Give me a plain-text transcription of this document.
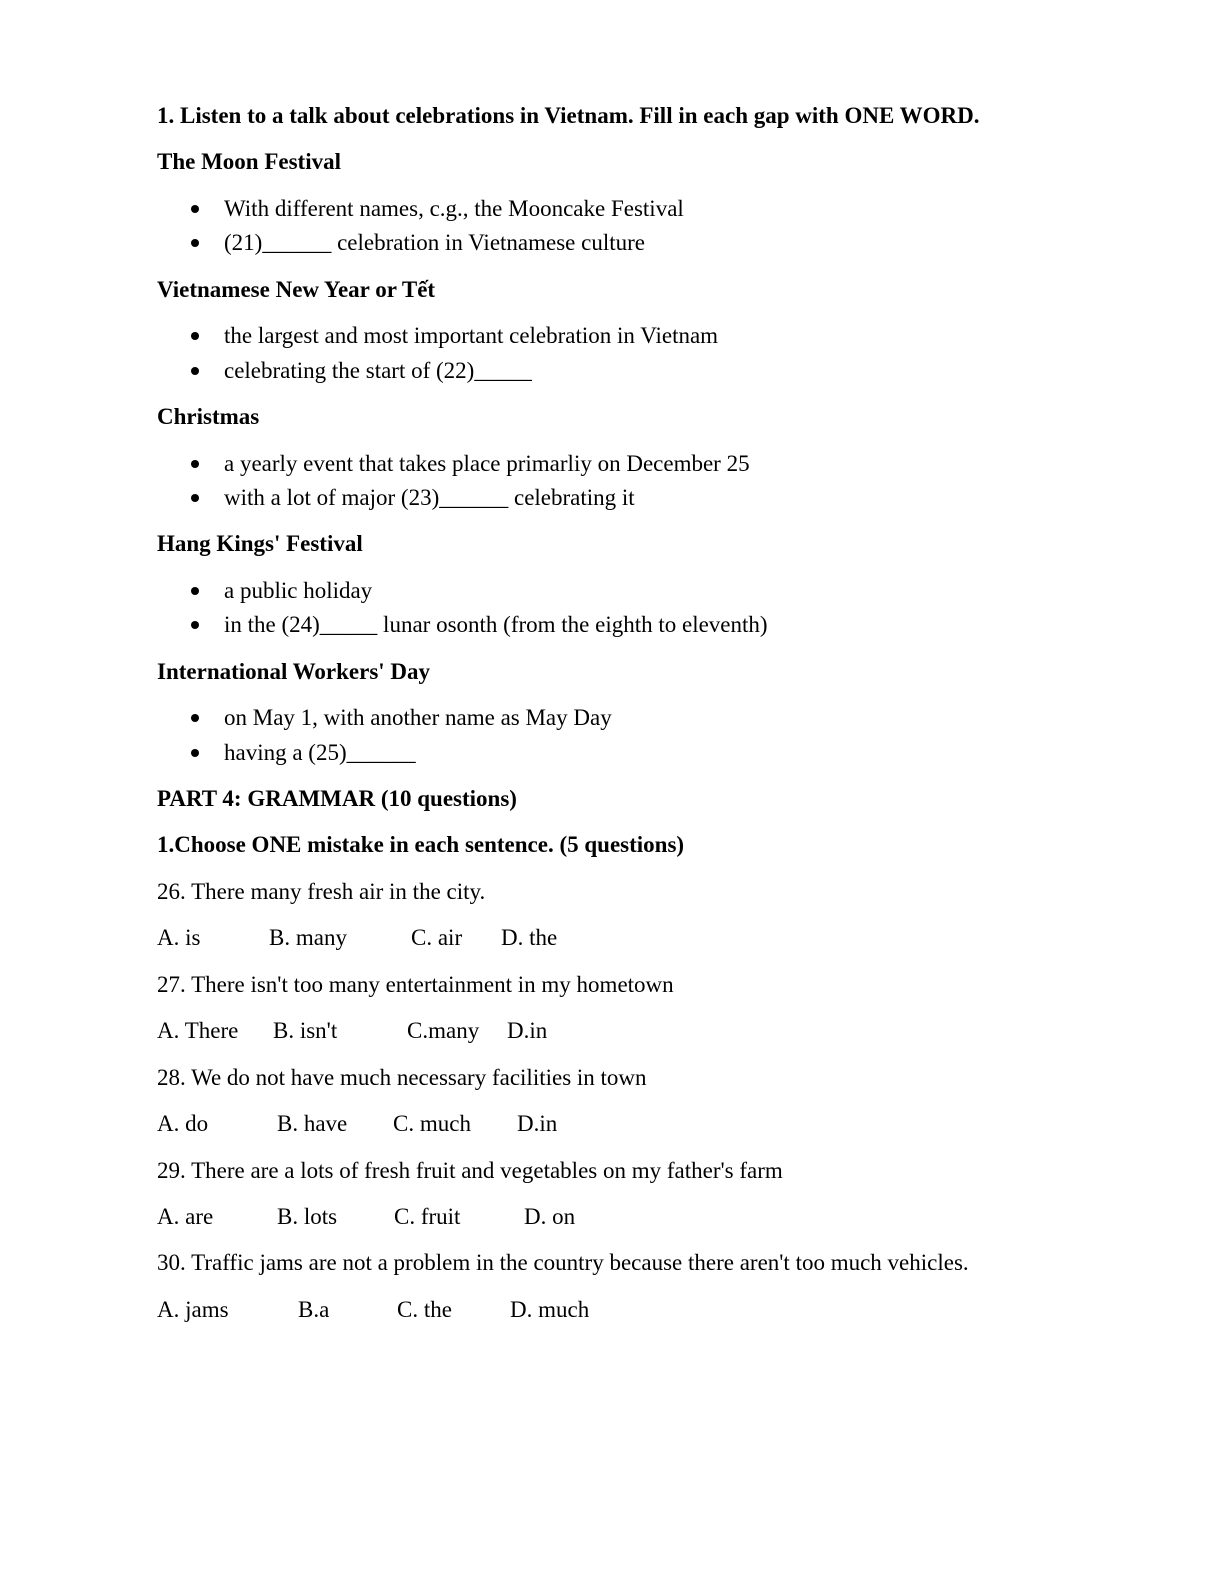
1. Listen to a talk about celebrations in Vietnam. Fill in each gap with ONE WORD.
The Moon Festival
With different names, c.g., the Mooncake Festival
(21)______ celebration in Vietnamese culture
Vietnamese New Year or Tết
the largest and most important celebration in Vietnam
celebrating the start of (22)_____
Christmas
a yearly event that takes place primarliy on December 25
with a lot of major (23)______ celebrating it
Hang Kings' Festival
a public holiday
in the (24)_____ lunar osonth (from the eighth to eleventh)
International Workers' Day
on May 1, with another name as May Day
having a (25)______
PART 4: GRAMMAR (10 questions)
1.Choose ONE mistake in each sentence. (5 questions)
26. There many fresh air in the city.
A. is	B. many	C. air	D. the
27. There isn't too many entertainment in my hometown
A. There	B. isn't	C.many	D.in
28. We do not have much necessary facilities in town
A. do	B. have	C. much	D.in
29. There are a lots of fresh fruit and vegetables on my father's farm
A. are	B. lots	C. fruit	D. on
30. Traffic jams are not a problem in the country because there aren't too much vehicles.
A. jams	B.a	C. the	D. much
